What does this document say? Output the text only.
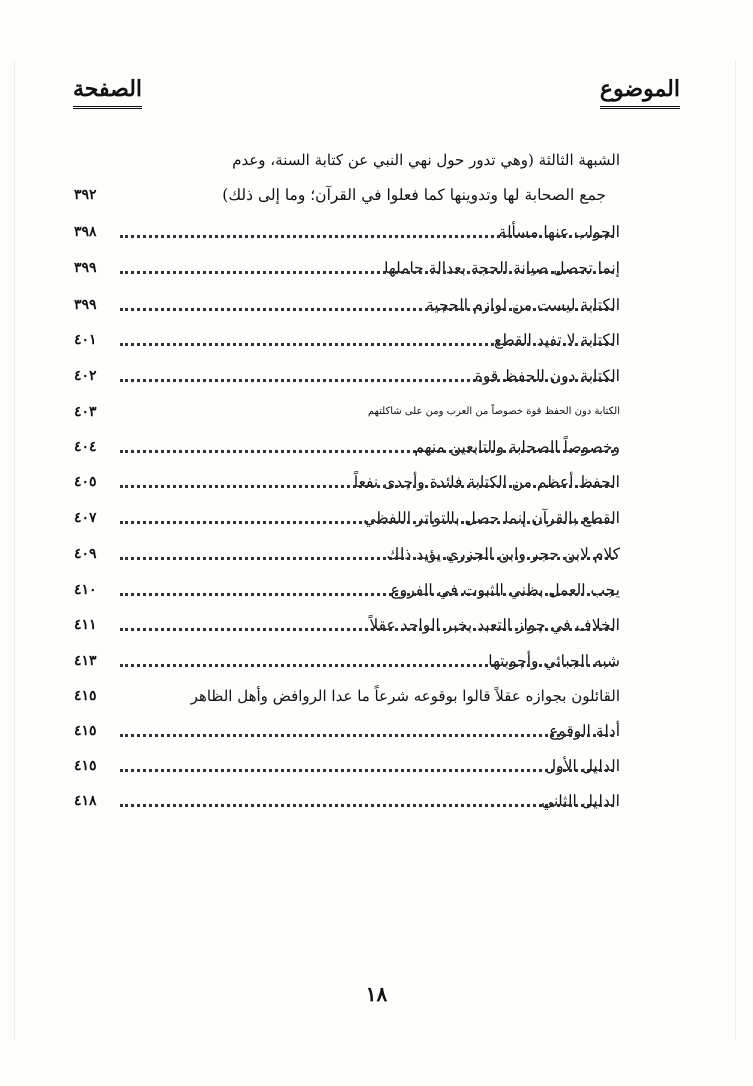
الموضوع
الصفحة
الشبهة الثالثة (وهي تدور حول نهي النبي عن كتابة السنة، وعدم
جمع الصحابة لها وتدوينها كما فعلوا في القرآن؛ وما إلى ذلك)
٣٩٢
الجواب عنها مسألة
٣٩٨
إنما تحصل صيانة الحجة بعدالة حاملها
٣٩٩
الكتابة ليست من لوازم الحجية
٣٩٩
الكتابة لا تفيد القطع
٤٠١
الكتابة دون الحفظ قوة
٤٠٢
الكتابة دون الحفظ قوة خصوصاً من العرب ومن على شاكلتهم
٤٠٣
وخصوصاً الصحابة والتابعين منهم
٤٠٤
الحفظ أعظم من الكتابة فائدة وأجدى نفعاً
٤٠٥
القطع بالقرآن إنما حصل بالتواتر اللفظي
٤٠٧
كلام لابن حجر وابن الجزري يؤيد ذلك
٤٠٩
يجب العمل بظني الثبوت في الفروع
٤١٠
الخلاف في جواز التعبد بخبر الواحد عقلاً
٤١١
شبه الجبائي وأجوبتها
٤١٣
القائلون بجوازه عقلاً قالوا بوقوعه شرعاً ما عدا الروافض وأهل الظاهر
٤١٥
أدلة الوقوع
٤١٥
الدليل الأول
٤١٥
الدليل الثاني
٤١٨
١٨
